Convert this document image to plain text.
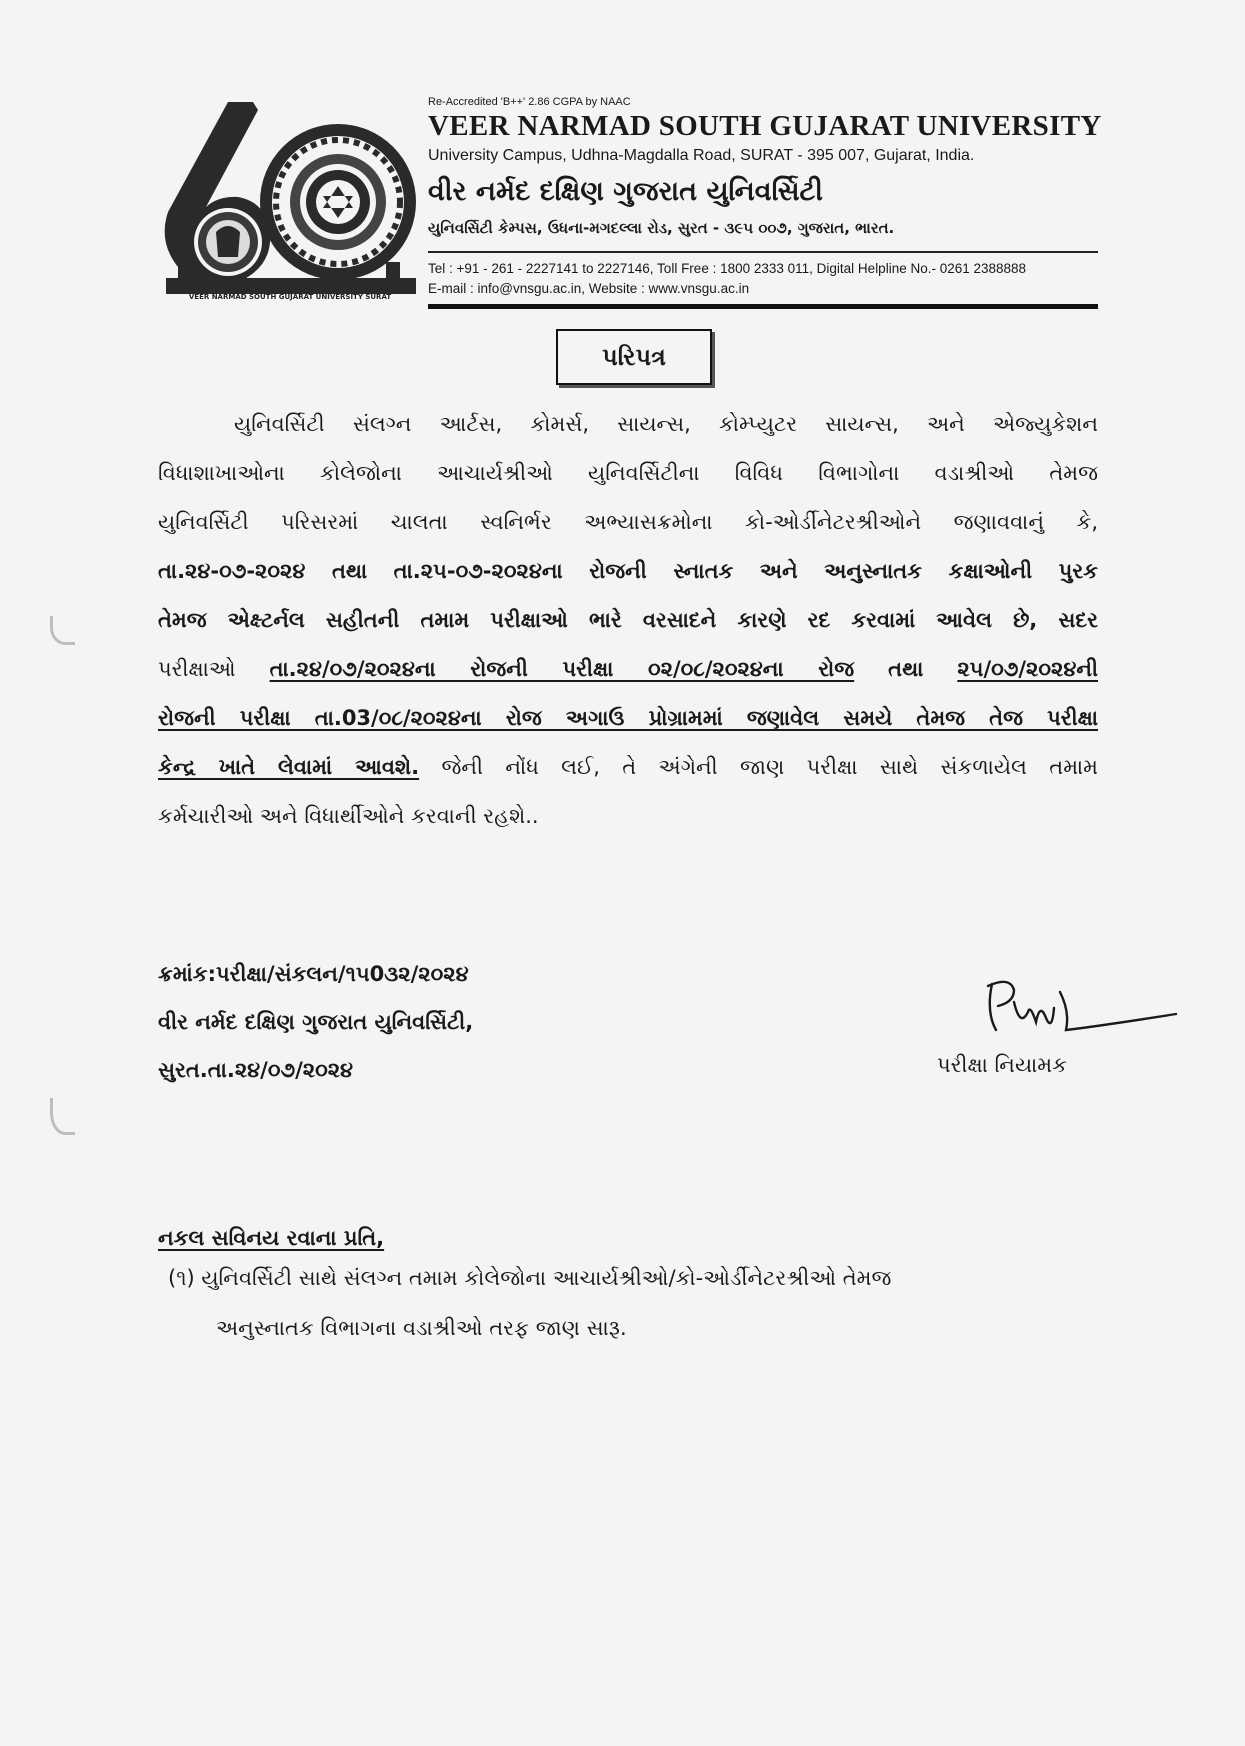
VEER NARMAD SOUTH GUJARAT UNIVERSITY SURAT
Re-Accredited 'B++' 2.86 CGPA by NAAC
VEER NARMAD SOUTH GUJARAT UNIVERSITY
University Campus, Udhna-Magdalla Road, SURAT - 395 007, Gujarat, India.
વીર નર્મદ દક્ષિણ ગુજરાત યુનિવર્સિટી
યુનિવર્સિટી કેમ્પસ, ઉધના-મગદલ્લા રોડ, સુરત - ૩૯૫ ૦૦૭, ગુજરાત, ભારત.
Tel : +91 - 261 - 2227141 to 2227146, Toll Free : 1800 2333 011, Digital Helpline No.- 0261 2388888
E-mail : info@vnsgu.ac.in, Website : www.vnsgu.ac.in
પરિપત્ર
યુનિવર્સિટી સંલગ્ન આર્ટસ, કોમર્સ, સાયન્સ, કોમ્પ્યુટર સાયન્સ, અને એજ્યુકેશન
વિધાશાખાઓના કોલેજોના આચાર્યશ્રીઓ યુનિવર્સિટીના વિવિધ વિભાગોના વડાશ્રીઓ તેમજ
યુનિવર્સિટી પરિસરમાં ચાલતા સ્વનિર્ભર અભ્યાસક્રમોના કો-ઓર્ડીનેટરશ્રીઓને જણાવવાનું કે,
તા.૨૪-૦૭-૨૦૨૪ તથા તા.૨૫-૦૭-૨૦૨૪ના રોજની સ્નાતક અને અનુસ્નાતક કક્ષાઓની પુરક
તેમજ એક્ષ્ટર્નલ સહીતની તમામ પરીક્ષાઓ ભારે વરસાદને કારણે રદ કરવામાં આવેલ છે, સદર
પરીક્ષાઓ તા.૨૪/૦૭/૨૦૨૪ના રોજની પરીક્ષા ૦૨/૦૮/૨૦૨૪ના રોજ તથા ૨૫/૦૭/૨૦૨૪ની
રોજની પરીક્ષા તા.03/૦૮/૨૦૨૪ના રોજ અગાઉ પ્રોગ્રામમાં જણાવેલ સમયે તેમજ તેજ પરીક્ષા
કેન્દ્ર ખાતે લેવામાં આવશે. જેની નોંધ લઈ, તે અંગેની જાણ પરીક્ષા સાથે સંકળાયેલ તમામ
કર્મચારીઓ અને વિધાર્થીઓને કરવાની રહશે..
ક્રમાંક:પરીક્ષા/સંકલન/૧૫0૩૨/૨૦૨૪
વીર નર્મદ દક્ષિણ ગુજરાત યુનિવર્સિટી,
સુરત.તા.૨૪/૦૭/૨૦૨૪	પરીક્ષા નિયામક
નકલ સવિનય રવાના પ્રતિ,
(૧) યુનિવર્સિટી સાથે સંલગ્ન તમામ કોલેજોના આચાર્યશ્રીઓ/કો-ઓર્ડીનેટરશ્રીઓ તેમજ
અનુસ્નાતક વિભાગના વડાશ્રીઓ તરફ જાણ સારૂ.
